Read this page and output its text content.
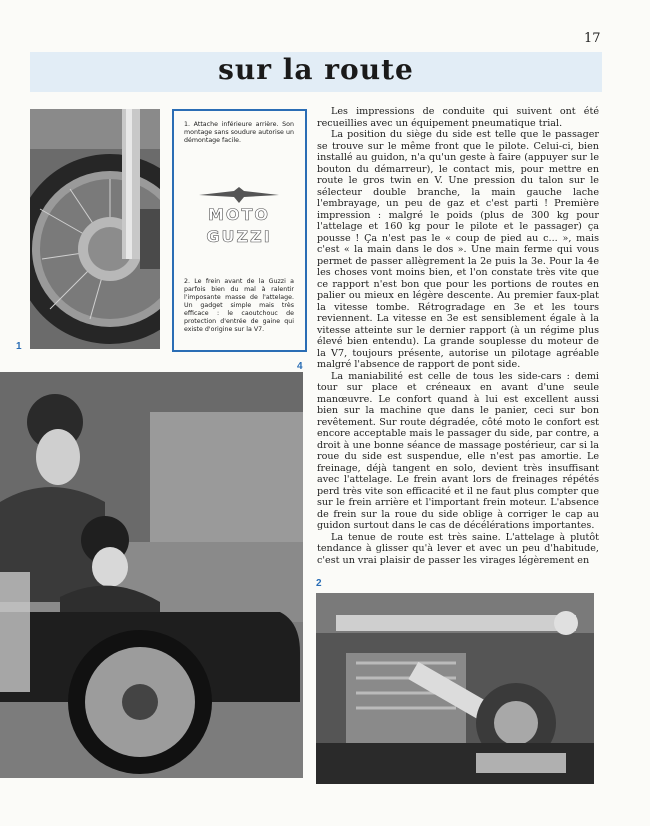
17
sur la route
1
1. Attache inférieure arrière. Son montage sans soudure autorise un démontage facile.
MOTO
GUZZI
2. Le frein avant de la Guzzi a parfois bien du mal à ralentir l'imposante masse de l'attelage. Un gadget simple mais très efficace : le caoutchouc de protection d'entrée de gaine qui existe d'origine sur la V7.
4

Les impressions de conduite qui suivent ont été recueillies avec un équipement pneumatique trial.

La position du siège du side est telle que le passager se trouve sur le même front que le pilote. Celui-ci, bien installé au guidon, n'a qu'un geste à faire (appuyer sur le bouton du démarreur), le contact mis, pour mettre en route le gros twin en V. Une pression du talon sur le sélecteur double branche, la main gauche lache l'embrayage, un peu de gaz et c'est parti ! Première impression : malgré le poids (plus de 300 kg pour l'attelage et 160 kg pour le pilote et le passager) ça pousse ! Ça n'est pas le « coup de pied au c... », mais c'est « la main dans le dos ». Une main ferme qui vous permet de passer allègrement la 2e puis la 3e. Pour la 4e les choses vont moins bien, et l'on constate très vite que ce rapport n'est bon que pour les portions de routes en palier ou mieux en légère descente. Au premier faux-plat la vitesse tombe. Rétrogradage en 3e et les tours reviennent. La vitesse en 3e est sensiblement égale à la vitesse atteinte sur le dernier rapport (à un régime plus élevé bien entendu). La grande souplesse du moteur de la V7, toujours présente, autorise un pilotage agréable malgré l'absence de rapport de pont side.

La maniabilité est celle de tous les side-cars : demi tour sur place et créneaux en avant d'une seule manœuvre. Le confort quand à lui est excellent aussi bien sur la machine que dans le panier, ceci sur bon revêtement. Sur route dégradée, côté moto le confort est encore acceptable mais le passager du side, par contre, a droit à une bonne séance de massage postérieur, car si la roue du side est suspendue, elle n'est pas amortie. Le freinage, déjà tangent en solo, devient très insuffisant avec l'attelage. Le frein avant lors de freinages répétés perd très vite son efficacité et il ne faut plus compter que sur le frein arrière et l'important frein moteur. L'absence de frein sur la roue du side oblige à corriger le cap au guidon surtout dans le cas de décélérations importantes.

La tenue de route est très saine. L'attelage à plutôt tendance à glisser qu'à lever et avec un peu d'habitude, c'est un vrai plaisir de passer les virages légèrement en

2
